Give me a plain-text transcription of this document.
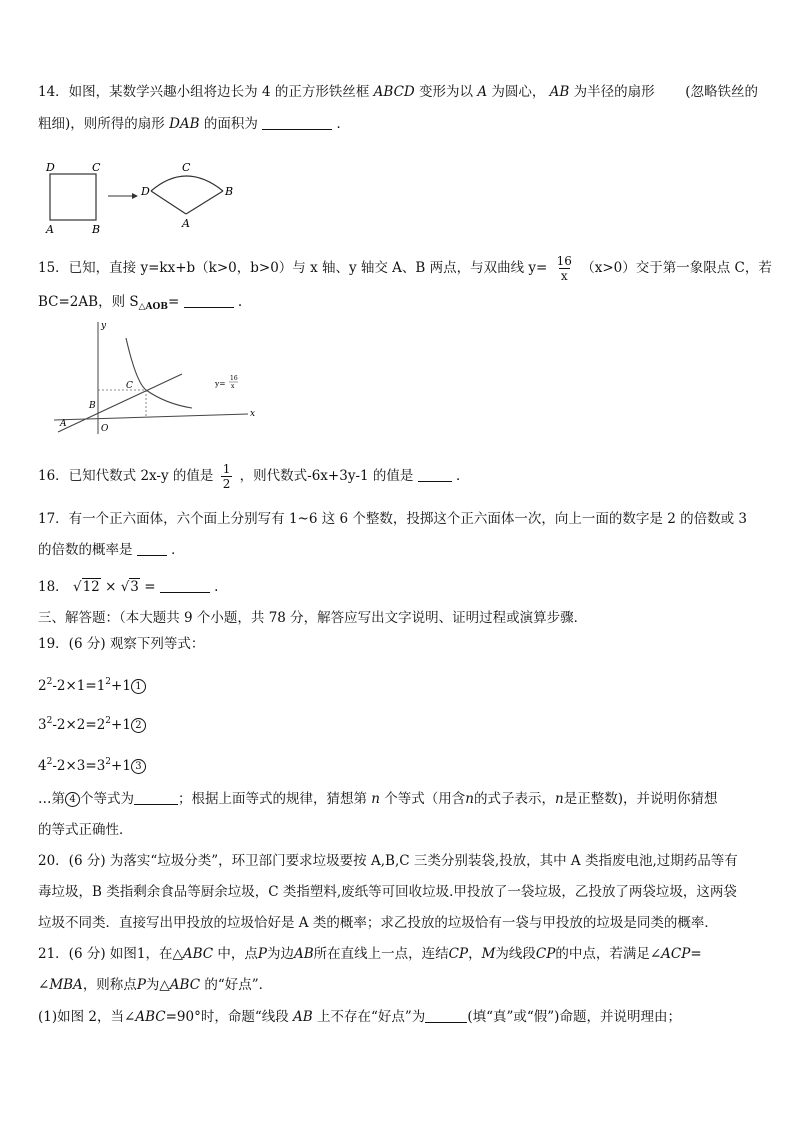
14．如图，某数学兴趣小组将边长为 4 的正方形铁丝框 ABCD 变形为以 A 为圆心， AB 为半径的扇形 (忽略铁丝的
粗细)，则所得的扇形 DAB 的面积为	．
D	C
A	B
D
C
A
B
15．已知，直接 y=kx+b（k>0，b>0）与 x 轴、y 轴交 A、B 两点，与双曲线 $y= \frac{16}{x} (x>0)$交于第一象限点 C，若
BC=2AB，则 $S_{\triangle AOB}=$	.
y
x
A
B
C
O
y=
16
x
16．已知代数式 2x-y 的值是 $\frac{1}{2}$ ，则代数式-6x+3y-1 的值是	．
17．有一个正六面体，六个面上分别写有 1~6 这 6 个整数，投掷这个正六面体一次，向上一面的数字是 2 的倍数或 3
的倍数的概率是	．
18． √12 × √3 =	.
三、解答题：（本大题共 9 个小题，共 78 分，解答应写出文字说明、证明过程或演算步骤．
19．(6 分) 观察下列等式：
$2^2-2\times 1=1^2+1$ 1
$3^2-2\times 2=2^2+1$ 2
$4^2-2\times 3=3^2+1$ 3
…第 4 个等式为	；根据上面等式的规律，猜想第 n 个等式（用含n的式子表示，n是正整数)，并说明你猜想
的等式正确性．
20．(6 分) 为落实“垃圾分类”，环卫部门要求垃圾要按 A,B,C 三类分别装袋,投放，其中 A 类指废电池,过期药品等有
毒垃圾，B 类指剩余食品等厨余垃圾，C 类指塑料,废纸等可回收垃圾.甲投放了一袋垃圾，乙投放了两袋垃圾，这两袋
垃圾不同类．直接写出甲投放的垃圾恰好是 A 类的概率；求乙投放的垃圾恰有一袋与甲投放的垃圾是同类的概率．
21．(6 分) 如图1，在△ABC 中，点P为边AB所在直线上一点，连结CP，M为线段CP的中点，若满足∠ACP=
∠MBA，则称点P为△ABC 的“好点”．
(1)如图 2，当∠ABC=90°时，命题“线段 AB 上不存在“好点”为	(填“真”或“假”)命题，并说明理由；
